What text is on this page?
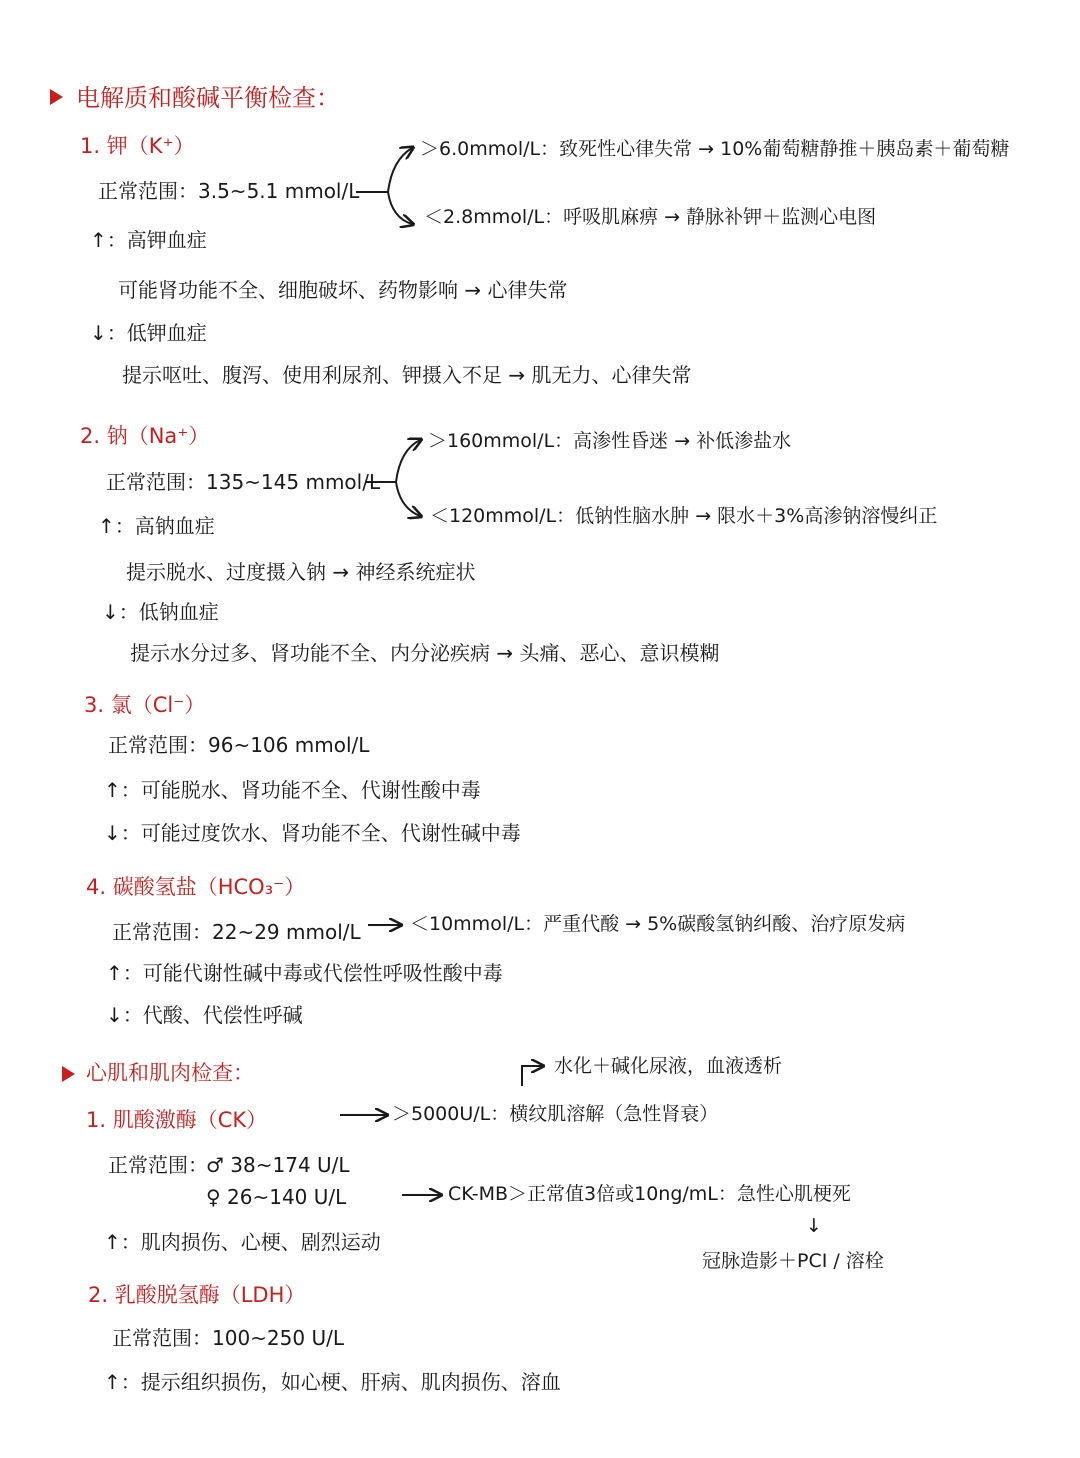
电解质和酸碱平衡检查：
1. 钾（K⁺）	＞6.0mmol/L：致死性心律失常 → 10%葡萄糖静推＋胰岛素＋葡萄糖
正常范围：3.5~5.1 mmol/L
＜2.8mmol/L：呼吸肌麻痹 → 静脉补钾＋监测心电图
↑：高钾血症
可能肾功能不全、细胞破坏、药物影响 → 心律失常
↓：低钾血症
提示呕吐、腹泻、使用利尿剂、钾摄入不足 → 肌无力、心律失常
2. 钠（Na⁺）	＞160mmol/L：高渗性昏迷 → 补低渗盐水
正常范围：135~145 mmol/L
＜120mmol/L：低钠性脑水肿 → 限水＋3%高渗钠溶慢纠正
↑：高钠血症
提示脱水、过度摄入钠 → 神经系统症状
↓：低钠血症
提示水分过多、肾功能不全、内分泌疾病 → 头痛、恶心、意识模糊
3. 氯（Cl⁻）
正常范围：96~106 mmol/L
↑：可能脱水、肾功能不全、代谢性酸中毒
↓：可能过度饮水、肾功能不全、代谢性碱中毒
4. 碳酸氢盐（HCO₃⁻）
正常范围：22~29 mmol/L	＜10mmol/L：严重代酸 → 5%碳酸氢钠纠酸、治疗原发病
↑：可能代谢性碱中毒或代偿性呼吸性酸中毒
↓：代酸、代偿性呼碱
心肌和肌肉检查：	水化＋碱化尿液，血液透析
1. 肌酸激酶（CK）	＞5000U/L：横纹肌溶解（急性肾衰）
正常范围：
♂ 38~174 U/L
♀ 26~140 U/L	CK-MB＞正常值3倍或10ng/mL：急性心肌梗死
↓
↑：肌肉损伤、心梗、剧烈运动
冠脉造影＋PCI / 溶栓
2. 乳酸脱氢酶（LDH）
正常范围：100~250 U/L
↑：提示组织损伤，如心梗、肝病、肌肉损伤、溶血
